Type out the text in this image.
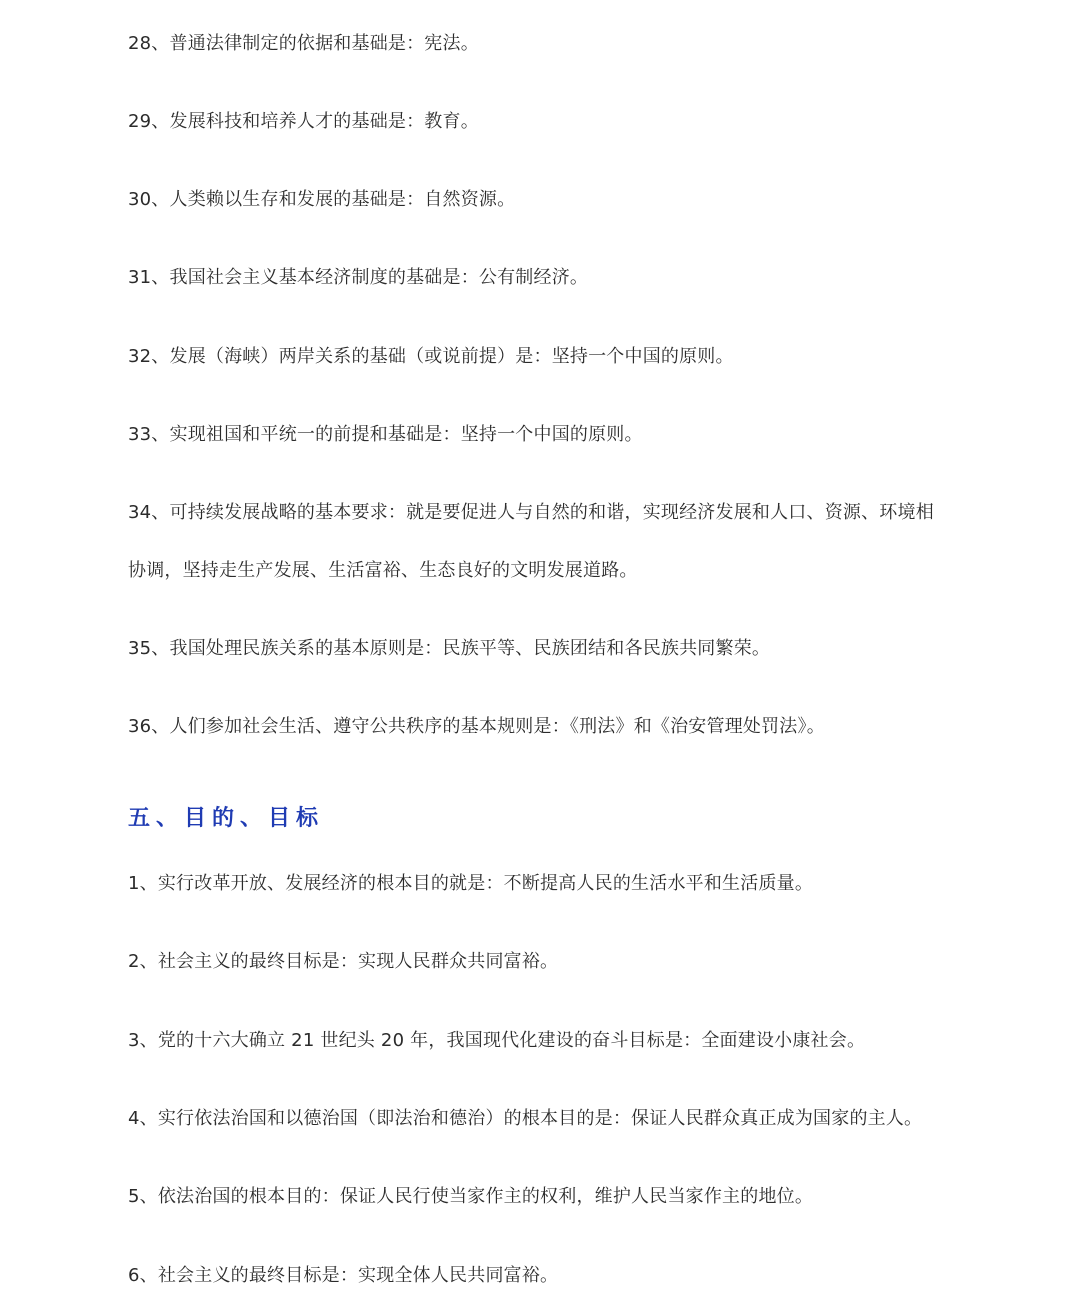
28、普通法律制定的依据和基础是：宪法。
29、发展科技和培养人才的基础是：教育。
30、人类赖以生存和发展的基础是：自然资源。
31、我国社会主义基本经济制度的基础是：公有制经济。
32、发展（海峡）两岸关系的基础（或说前提）是：坚持一个中国的原则。
33、实现祖国和平统一的前提和基础是：坚持一个中国的原则。
34、可持续发展战略的基本要求：就是要促进人与自然的和谐，实现经济发展和人口、资源、环境相
协调，坚持走生产发展、生活富裕、生态良好的文明发展道路。
35、我国处理民族关系的基本原则是：民族平等、民族团结和各民族共同繁荣。
36、人们参加社会生活、遵守公共秩序的基本规则是：《刑法》和《治安管理处罚法》。
五、目的、目标
1、实行改革开放、发展经济的根本目的就是：不断提高人民的生活水平和生活质量。
2、社会主义的最终目标是：实现人民群众共同富裕。
3、党的十六大确立 21 世纪头 20 年，我国现代化建设的奋斗目标是：全面建设小康社会。
4、实行依法治国和以德治国（即法治和德治）的根本目的是：保证人民群众真正成为国家的主人。
5、依法治国的根本目的：保证人民行使当家作主的权利，维护人民当家作主的地位。
6、社会主义的最终目标是：实现全体人民共同富裕。
